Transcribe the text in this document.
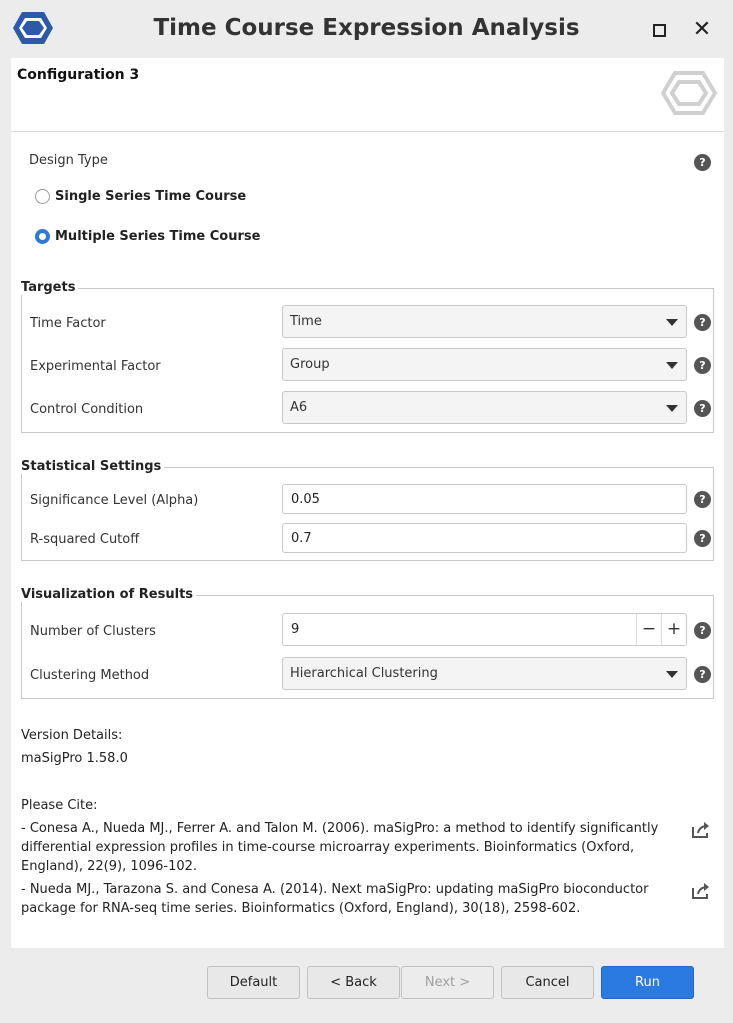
Time Course Expression Analysis	✕
Configuration 3
Design Type	?
Single Series Time Course
Multiple Series Time Course
Targets
Time Factor	Time	?
Experimental Factor	Group	?
Control Condition	A6	?
Statistical Settings
Significance Level (Alpha)	0.05	?
R-squared Cutoff	0.7	?
Visualization of Results
Number of Clusters	9	− +	?
Clustering Method	Hierarchical Clustering	?
Version Details:
maSigPro 1.58.0
Please Cite:
- Conesa A., Nueda MJ., Ferrer A. and Talon M. (2006). maSigPro: a method to identify significantly differential expression profiles in time-course microarray experiments. Bioinformatics (Oxford, England), 22(9), 1096-102.
- Nueda MJ., Tarazona S. and Conesa A. (2014). Next maSigPro: updating maSigPro bioconductor package for RNA-seq time series. Bioinformatics (Oxford, England), 30(18), 2598-602.
Default	< Back	Next >	Cancel	Run
